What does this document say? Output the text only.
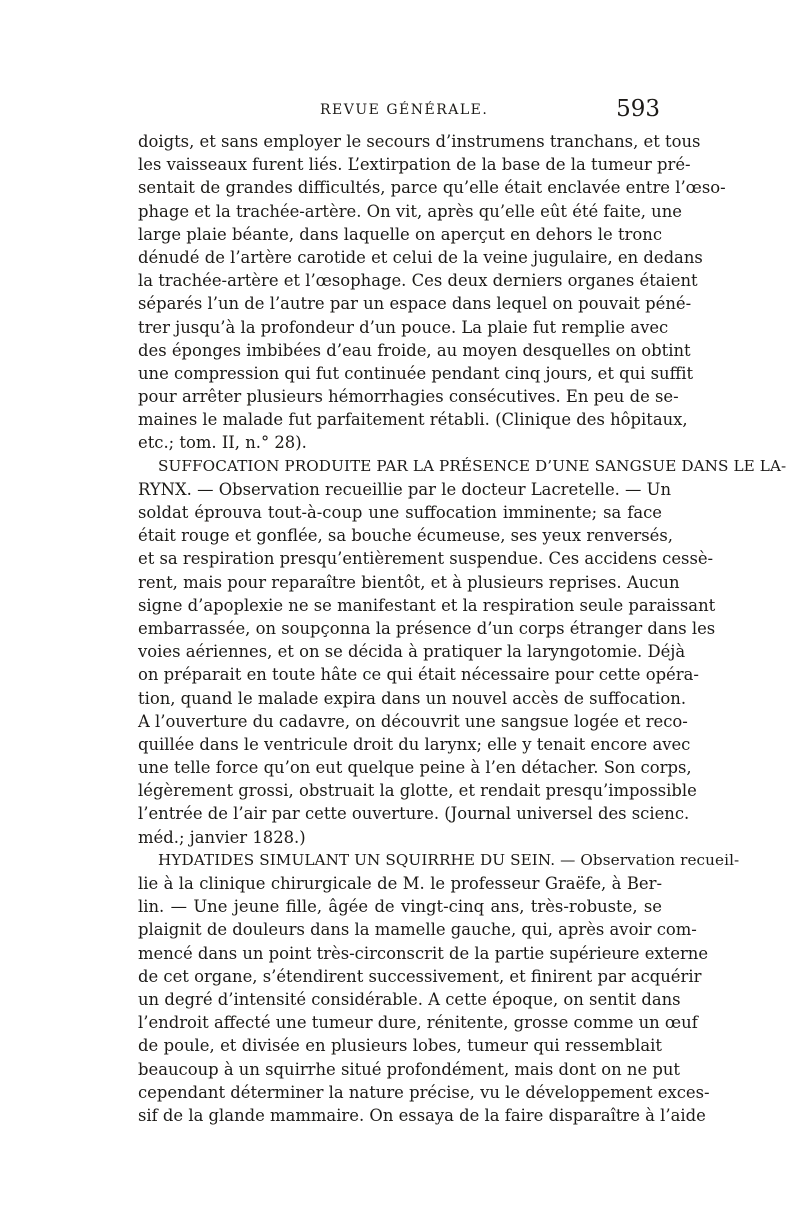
REVUE GÉNÉRALE.	593
doigts, et sans employer le secours d’instrumens tranchans, et tous
les vaisseaux furent liés. L’extirpation de la base de la tumeur pré-
sentait de grandes difficultés, parce qu’elle était enclavée entre l’œso-
phage et la trachée-artère. On vit, après qu’elle eût été faite, une
large plaie béante, dans laquelle on aperçut en dehors le tronc
dénudé de l’artère carotide et celui de la veine jugulaire, en dedans
la trachée-artère et l’œsophage. Ces deux derniers organes étaient
séparés l’un de l’autre par un espace dans lequel on pouvait péné-
trer jusqu’à la profondeur d’un pouce. La plaie fut remplie avec
des éponges imbibées d’eau froide, au moyen desquelles on obtint
une compression qui fut continuée pendant cinq jours, et qui suffit
pour arrêter plusieurs hémorrhagies consécutives. En peu de se-
maines le malade fut parfaitement rétabli. (Clinique des hôpitaux,
etc.; tom. II, n.° 28).
SUFFOCATION PRODUITE PAR LA PRÉSENCE D’UNE SANGSUE DANS LE LA-
RYNX. — Observation recueillie par le docteur Lacretelle. — Un
soldat éprouva tout-à-coup une suffocation imminente; sa face
était rouge et gonflée, sa bouche écumeuse, ses yeux renversés,
et sa respiration presqu’entièrement suspendue. Ces accidens cessè-
rent, mais pour reparaître bientôt, et à plusieurs reprises. Aucun
signe d’apoplexie ne se manifestant et la respiration seule paraissant
embarrassée, on soupçonna la présence d’un corps étranger dans les
voies aériennes, et on se décida à pratiquer la laryngotomie. Déjà
on préparait en toute hâte ce qui était nécessaire pour cette opéra-
tion, quand le malade expira dans un nouvel accès de suffocation.
A l’ouverture du cadavre, on découvrit une sangsue logée et reco-
quillée dans le ventricule droit du larynx; elle y tenait encore avec
une telle force qu’on eut quelque peine à l’en détacher. Son corps,
légèrement grossi, obstruait la glotte, et rendait presqu’impossible
l’entrée de l’air par cette ouverture. (Journal universel des scienc.
méd.; janvier 1828.)
HYDATIDES SIMULANT UN SQUIRRHE DU SEIN. — Observation recueil-
lie à la clinique chirurgicale de M. le professeur Graëfe, à Ber-
lin. — Une jeune fille, âgée de vingt-cinq ans, très-robuste, se
plaignit de douleurs dans la mamelle gauche, qui, après avoir com-
mencé dans un point très-circonscrit de la partie supérieure externe
de cet organe, s’étendirent successivement, et finirent par acquérir
un degré d’intensité considérable. A cette époque, on sentit dans
l’endroit affecté une tumeur dure, rénitente, grosse comme un œuf
de poule, et divisée en plusieurs lobes, tumeur qui ressemblait
beaucoup à un squirrhe situé profondément, mais dont on ne put
cependant déterminer la nature précise, vu le développement exces-
sif de la glande mammaire. On essaya de la faire disparaître à l’aide
